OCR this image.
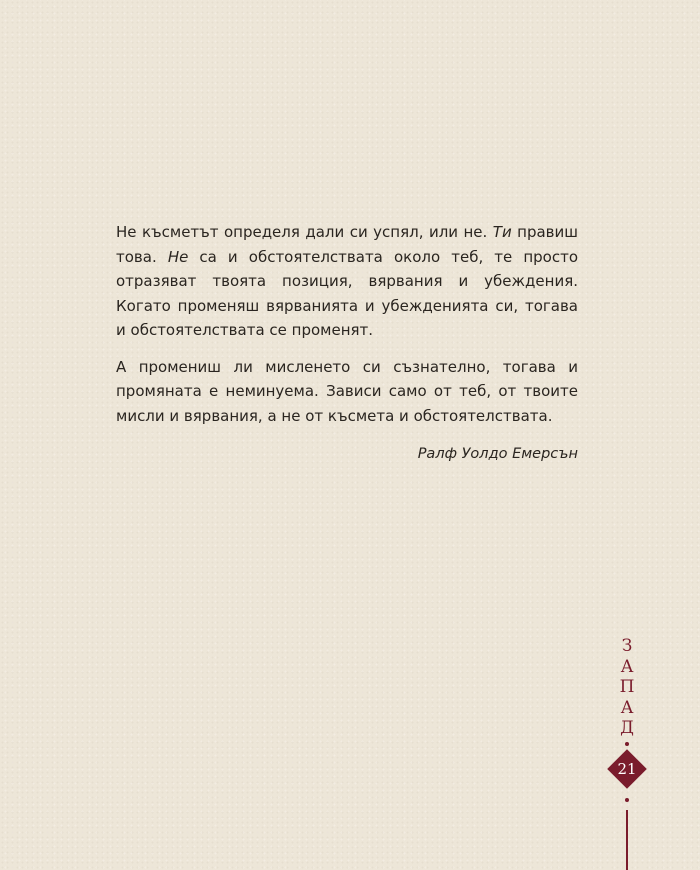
Не късметът определя дали си успял, или не. Ти правиш това. Не са и обстоятелствата около теб, те просто отразяват твоята позиция, вярвания и убеждения. Когато променяш вярванията и убежденията си, тогава и обстоятелствата се променят.

А промениш ли мисленето си съзнателно, тогава и промяната е неминуема. Зависи само от теб, от твоите мисли и вярвания, а не от късмета и обстоятелствата.

Ралф Уолдо Емерсън
З
А
П
А
Д
21
